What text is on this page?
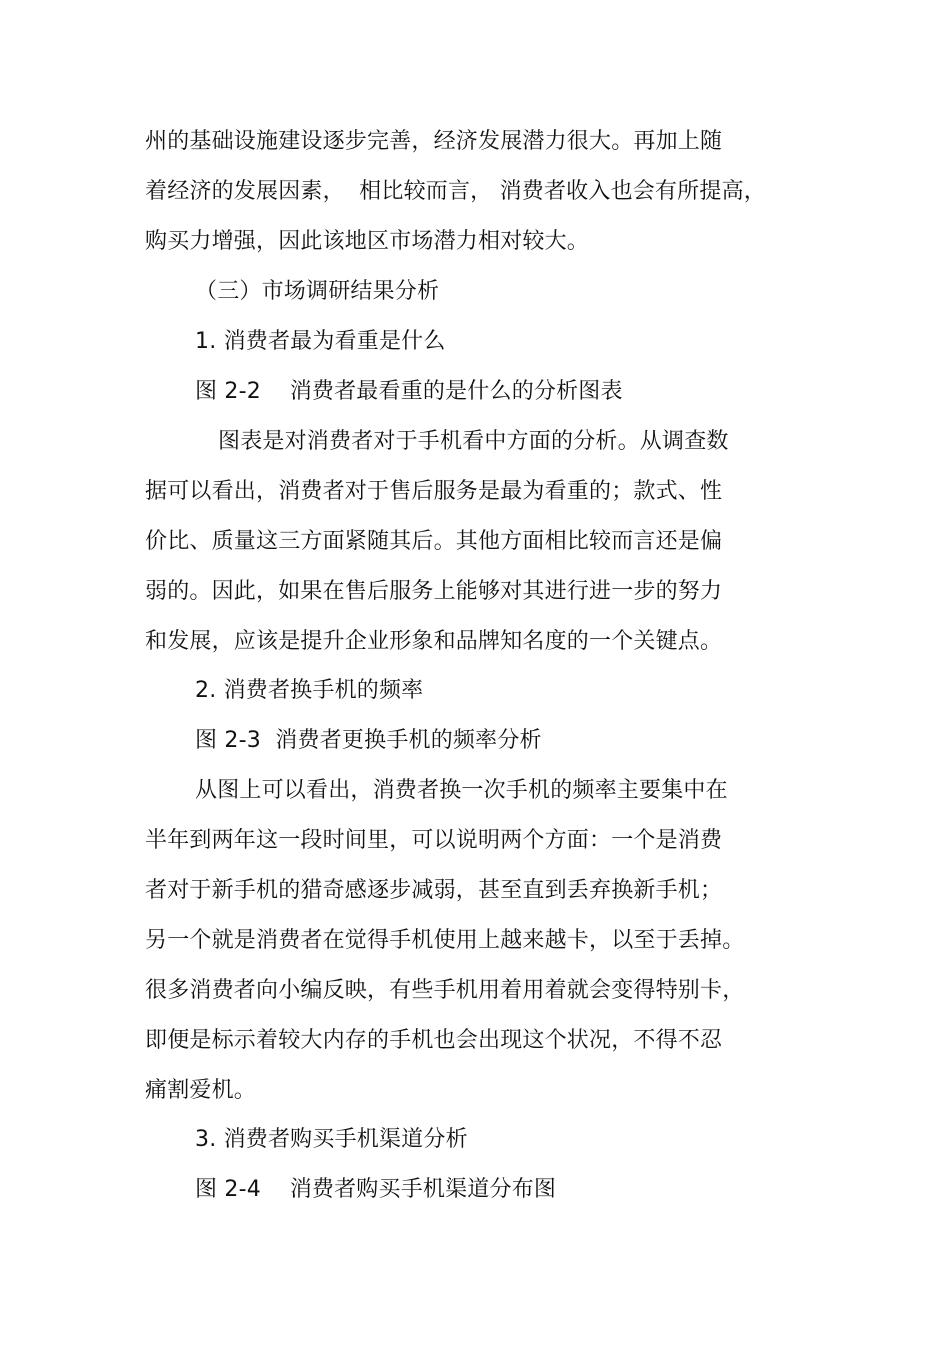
州的基础设施建设逐步完善，经济发展潜力很大。再加上随
着经济的发展因素，  相比较而言， 消费者收入也会有所提高，
购买力增强，因此该地区市场潜力相对较大。
（三）市场调研结果分析
1. 消费者最为看重是什么
图 2-2    消费者最看重的是什么的分析图表
图表是对消费者对于手机看中方面的分析。从调查数
据可以看出，消费者对于售后服务是最为看重的；款式、性
价比、质量这三方面紧随其后。其他方面相比较而言还是偏
弱的。因此，如果在售后服务上能够对其进行进一步的努力
和发展，应该是提升企业形象和品牌知名度的一个关键点。
2. 消费者换手机的频率
图 2-3  消费者更换手机的频率分析
从图上可以看出，消费者换一次手机的频率主要集中在
半年到两年这一段时间里，可以说明两个方面：一个是消费
者对于新手机的猎奇感逐步减弱，甚至直到丢弃换新手机；
另一个就是消费者在觉得手机使用上越来越卡，以至于丢掉。
很多消费者向小编反映，有些手机用着用着就会变得特别卡，
即便是标示着较大内存的手机也会出现这个状况，不得不忍
痛割爱机。
3. 消费者购买手机渠道分析
图 2-4    消费者购买手机渠道分布图
